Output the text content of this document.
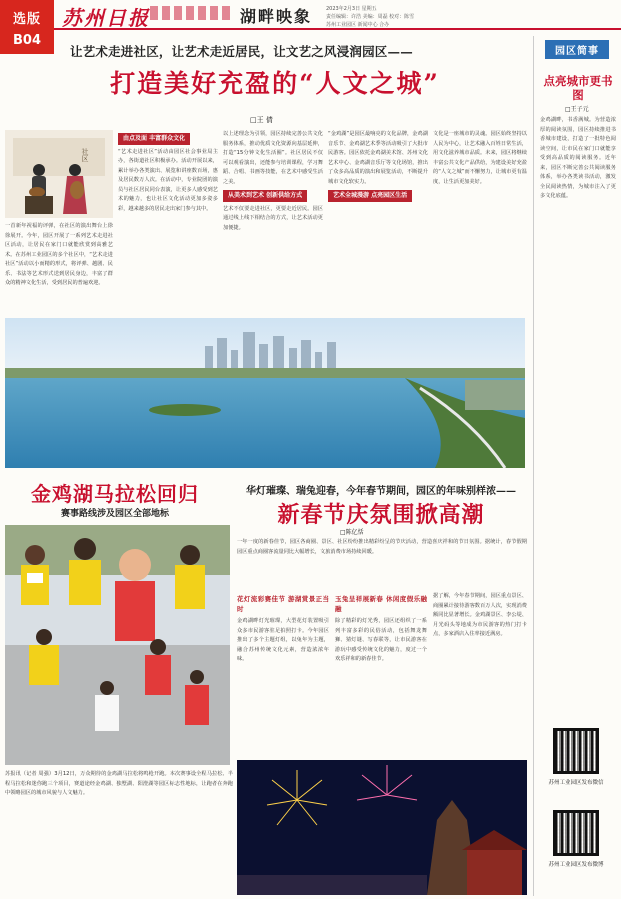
苏州日报	湖畔映象	2023年2月3日 星期五
责任编辑：许浩 美编：周磊 校对：陈雪
苏州工业园区 新闻中心 合办
选版
B04
让艺术走进社区，让艺术走近居民，让文艺之风浸润园区——
打造美好充盈的“人文之城”
□王 倩
社区
一首新年祝福的评弹，在社区的演出舞台上徐徐展开。今年，园区开展了一系列艺术走进社区活动，让居民在家门口就能欣赏到高雅艺术。在苏州工业园区的多个社区中，“艺术走进社区”活动以小而精的形式，将评弹、越剧、民乐、书法等艺术形式送到居民身边，丰富了群众的精神文化生活，受到居民的普遍欢迎。
由点及面 丰富群众文化
“艺术走进社区”活动由园区社会事业局主办，各街道社区积极承办。活动开展以来，累计举办各类演出、展览和讲座数百场，惠及居民数万人次。在活动中，专业院团的演员与社区居民同台表演，让更多人感受到艺术的魅力，也让社区文化活动更加多姿多彩，越来越多的居民走出家门参与其中。
以上述理念为引领，园区持续完善公共文化服务体系，推动优质文化资源向基层延伸，打造“15分钟文化生活圈”。社区居民不仅可以观看演出，还能参与培训课程，学习舞蹈、合唱、书画等技能，在艺术中感受生活之美。
从美术到艺术 创新供给方式
艺术不仅要走进社区，更要走近居民。园区通过线上线下相结合的方式，让艺术活动更加便捷。
“金鸡湖”是园区最响亮的文化品牌，金鸡湖音乐节、金鸡湖艺术季等活动吸引了大批市民游客。园区依托金鸡湖美术馆、苏州文化艺术中心、金鸡湖音乐厅等文化场馆，推出了众多高品质的演出和展览活动，不断提升城市文化软实力。
艺术全城漫游 点亮园区生活
文化是一座城市的灵魂。园区始终坚持以人民为中心，让艺术融入百姓日常生活，用文化滋养城市品质。未来，园区将继续丰富公共文化产品供给，为建设美好充盈的“人文之城”而不懈努力，让城市更有温度，让生活更加美好。
金鸡湖马拉松回归
赛事路线涉及园区全部地标
苏报讯（记者 周强）3月12日，万众期待的金鸡湖马拉松将鸣枪开跑。本次赛事设全程马拉松、半程马拉松和迷你跑三个项目，赛道途经金鸡湖、独墅湖、阳澄湖等园区标志性地标，让跑者在奔跑中领略园区的城市风貌与人文魅力。
华灯璀璨、瑞兔迎春，今年春节期间，园区的年味别样浓——
新春节庆氛围掀高潮
□陈亿恬
一年一度的新春佳节，园区各商圈、景区、社区纷纷推出精彩纷呈的节庆活动，营造喜庆祥和的节日氛围。据统计，春节假期园区重点商圈客流量同比大幅增长，文旅消费市场持续回暖。
花灯流彩赛佳节 游湖赏景正当时
金鸡湖畔灯光璀璨，大型花灯装置吸引众多市民游客驻足拍照打卡。今年园区推出了多个主题灯组，以兔年为主题，融合苏州传统文化元素，营造浓浓年味。
玉兔呈祥展新春 休闲度假乐融融
除了精彩的灯光秀，园区还组织了一系列丰富多彩的民俗活动，包括舞龙舞狮、猜灯谜、写春联等，让市民游客在游玩中感受传统文化的魅力，度过一个欢乐祥和的新春佳节。
据了解，今年春节期间，园区重点景区、商圈累计接待游客数百万人次，实现消费额同比显著增长。金鸡湖景区、李公堤、月光码头等地成为市民游客的热门打卡点，多家酒店入住率接近满房。
园区简事
点亮城市更书图
□王子元
金鸡湖畔，书香满城。为营造浓厚的阅读氛围，园区持续推进书香城市建设，打造了一批特色阅读空间，让市民在家门口就能享受到高品质的阅读服务。近年来，园区不断完善公共阅读服务体系，举办各类读书活动，激发全民阅读热情，为城市注入了更多文化底蕴。
苏州工业园区发布微信
苏州工业园区发布微博
